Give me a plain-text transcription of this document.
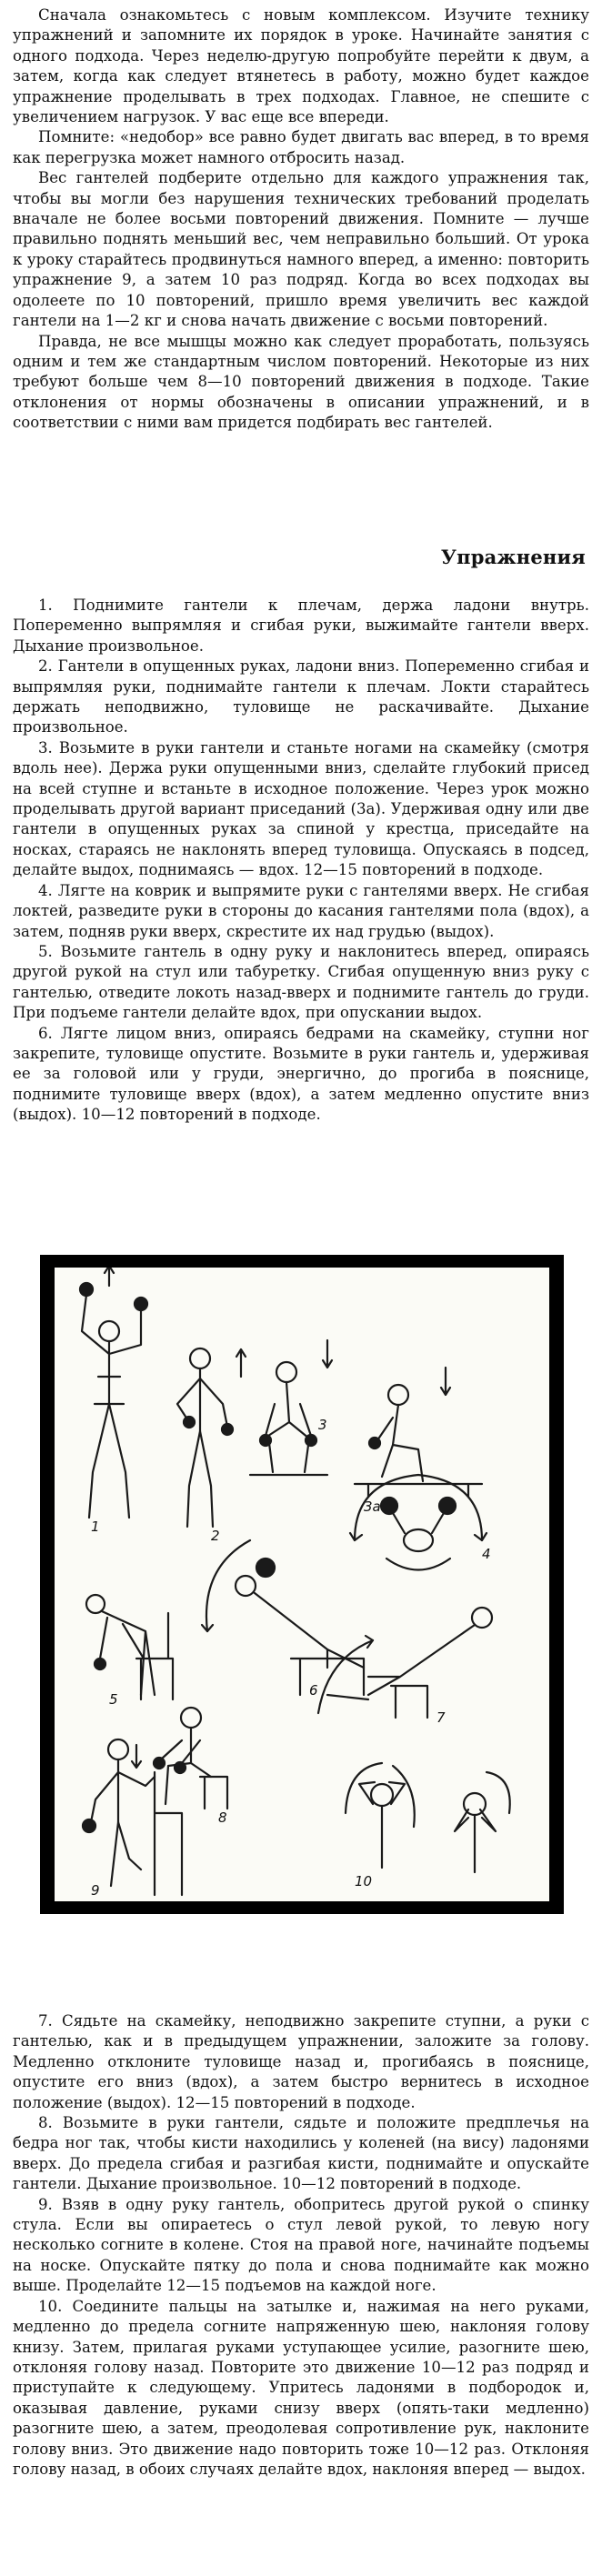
Сначала ознакомьтесь с новым комплексом. Изучите технику упражнений и запомните их порядок в уроке. Начинайте занятия с одного подхода. Через неделю-другую попробуйте перейти к двум, а затем, когда как следует втянетесь в работу, можно будет каждое упражнение проделывать в трех подходах. Главное, не спешите с увеличением нагрузок. У вас еще все впереди.

Помните: «недобор» все равно будет двигать вас вперед, в то время как перегрузка может намного отбросить назад.

Вес гантелей подберите отдельно для каждого упражнения так, чтобы вы могли без нарушения технических требований проделать вначале не более восьми повторений движения. Помните — лучше правильно поднять меньший вес, чем неправильно больший. От урока к уроку старайтесь продвинуться намного вперед, а именно: повторить упражнение 9, а затем 10 раз подряд. Когда во всех подходах вы одолеете по 10 повторений, пришло время увеличить вес каждой гантели на 1—2 кг и снова начать движение с восьми повторений.

Правда, не все мышцы можно как следует проработать, пользуясь одним и тем же стандартным числом повторений. Некоторые из них требуют больше чем 8—10 повторений движения в подходе. Такие отклонения от нормы обозначены в описании упражнений, и в соответствии с ними вам придется подбирать вес гантелей.

Упражнения

1. Поднимите гантели к плечам, держа ладони внутрь. Попеременно выпрямляя и сгибая руки, выжимайте гантели вверх. Дыхание произвольное.

2. Гантели в опущенных руках, ладони вниз. Попеременно сгибая и выпрямляя руки, поднимайте гантели к плечам. Локти старайтесь держать неподвижно, туловище не раскачивайте. Дыхание произвольное.

3. Возьмите в руки гантели и станьте ногами на скамейку (смотря вдоль нее). Держа руки опущенными вниз, сделайте глубокий присед на всей ступне и встаньте в исходное положение. Через урок можно проделывать другой вариант приседаний (3а). Удерживая одну или две гантели в опущенных руках за спиной у крестца, приседайте на носках, стараясь не наклонять вперед туловища. Опускаясь в подсед, делайте выдох, поднимаясь — вдох. 12—15 повторений в подходе.

4. Лягте на коврик и выпрямите руки с гантелями вверх. Не сгибая локтей, разведите руки в стороны до касания гантелями пола (вдох), а затем, подняв руки вверх, скрестите их над грудью (выдох).

5. Возьмите гантель в одну руку и наклонитесь вперед, опираясь другой рукой на стул или табуретку. Сгибая опущенную вниз руку с гантелью, отведите локоть назад-вверх и поднимите гантель до груди. При подъеме гантели делайте вдох, при опускании выдох.

6. Лягте лицом вниз, опираясь бедрами на скамейку, ступни ног закрепите, туловище опустите. Возьмите в руки гантель и, удерживая ее за головой или у груди, энергично, до прогиба в пояснице, поднимите туловище вверх (вдох), а затем медленно опустите вниз (выдох). 10—12 повторений в подходе.

1
2
3
3а
4
5
6
7
8
9
10

7. Сядьте на скамейку, неподвижно закрепите ступни, а руки с гантелью, как и в предыдущем упражнении, заложите за голову. Медленно отклоните туловище назад и, прогибаясь в пояснице, опустите его вниз (вдох), а затем быстро вернитесь в исходное положение (выдох). 12—15 повторений в подходе.

8. Возьмите в руки гантели, сядьте и положите предплечья на бедра ног так, чтобы кисти находились у коленей (на вису) ладонями вверх. До предела сгибая и разгибая кисти, поднимайте и опускайте гантели. Дыхание произвольное. 10—12 повторений в подходе.

9. Взяв в одну руку гантель, обопритесь другой рукой о спинку стула. Если вы опираетесь о стул левой рукой, то левую ногу несколько согните в колене. Стоя на правой ноге, начинайте подъемы на носке. Опускайте пятку до пола и снова поднимайте как можно выше. Проделайте 12—15 подъемов на каждой ноге.

10. Соедините пальцы на затылке и, нажимая на него руками, медленно до предела согните напряженную шею, наклоняя голову книзу. Затем, прилагая руками уступающее усилие, разогните шею, отклоняя голову назад. Повторите это движение 10—12 раз подряд и приступайте к следующему. Упритесь ладонями в подбородок и, оказывая давление, руками снизу вверх (опять-таки медленно) разогните шею, а затем, преодолевая сопротивление рук, наклоните голову вниз. Это движение надо повторить тоже 10—12 раз. Отклоняя голову назад, в обоих случаях делайте вдох, наклоняя вперед — выдох.
